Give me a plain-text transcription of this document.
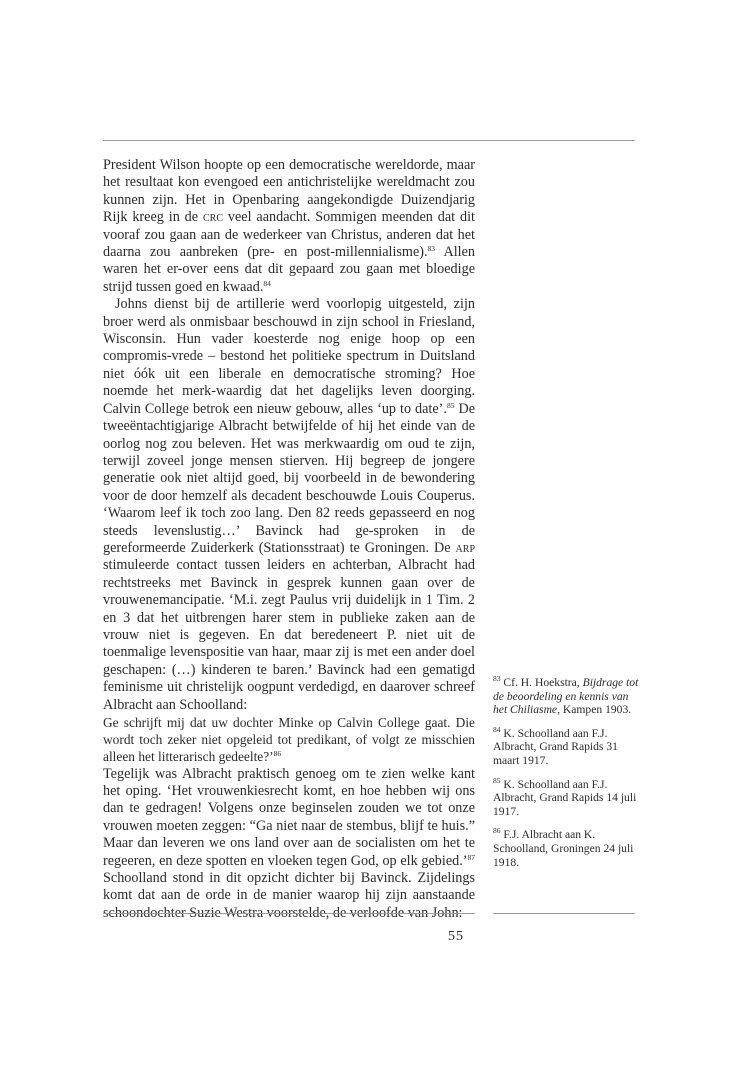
President Wilson hoopte op een democratische wereldorde, maar het resultaat kon evengoed een antichristelijke wereldmacht zou kunnen zijn. Het in Openbaring aangekondigde Duizendjarig Rijk kreeg in de crc veel aandacht. Sommigen meenden dat dit vooraf zou gaan aan de wederkeer van Christus, anderen dat het daarna zou aanbreken (pre- en post-millennialisme).$^{83}$ Allen waren het er-over eens dat dit gepaard zou gaan met bloedige strijd tussen goed en kwaad.$^{84}$

Johns dienst bij de artillerie werd voorlopig uitgesteld, zijn broer werd als onmisbaar beschouwd in zijn school in Friesland, Wisconsin. Hun vader koesterde nog enige hoop op een compromis-vrede – bestond het politieke spectrum in Duitsland niet óók uit een liberale en democratische stroming? Hoe noemde het merk-waardig dat het dagelijks leven doorging. Calvin College betrok een nieuw gebouw, alles ‘up to date’.$^{85}$ De tweeëntachtigjarige Albracht betwijfelde of hij het einde van de oorlog nog zou beleven. Het was merkwaardig om oud te zijn, terwijl zoveel jonge mensen stierven. Hij begreep de jongere generatie ook niet altijd goed, bij voorbeeld in de bewondering voor de door hemzelf als decadent beschouwde Louis Couperus. ‘Waarom leef ik toch zoo lang. Den 82 reeds gepasseerd en nog steeds levenslustig…’ Bavinck had ge-sproken in de gereformeerde Zuiderkerk (Stationsstraat) te Groningen. De arp stimuleerde contact tussen leiders en achterban, Albracht had rechtstreeks met Bavinck in gesprek kunnen gaan over de vrouwenemancipatie. ‘M.i. zegt Paulus vrij duidelijk in 1 Tim. 2 en 3 dat het uitbrengen harer stem in publieke zaken aan de vrouw niet is gegeven. En dat beredeneert P. niet uit de toenmalige levenspositie van haar, maar zij is met een ander doel geschapen: (…) kinderen te baren.’ Bavinck had een gematigd feminisme uit christelijk oogpunt verdedigd, en daarover schreef Albracht aan Schoolland:

Ge schrijft mij dat uw dochter Minke op Calvin College gaat. Die wordt toch zeker niet opgeleid tot predikant, of volgt ze misschien alleen het litterarisch gedeelte?’$^{86}$

Tegelijk was Albracht praktisch genoeg om te zien welke kant het oping. ‘Het vrouwenkiesrecht komt, en hoe hebben wij ons dan te gedragen! Volgens onze beginselen zouden we tot onze vrouwen moeten zeggen: “Ga niet naar de stembus, blijf te huis.” Maar dan leveren we ons land over aan de socialisten om het te regeeren, en deze spotten en vloeken tegen God, op elk gebied.’$^{87}$ Schoolland stond in dit opzicht dichter bij Bavinck. Zijdelings komt dat aan de orde in de manier waarop hij zijn aanstaande schoondochter Suzie Westra voorstelde, de verloofde van John:

$^{83}$ Cf. H. Hoekstra, Bijdrage tot de beoordeling en kennis van het Chiliasme, Kampen 1903.

$^{84}$ K. Schoolland aan F.J. Albracht, Grand Rapids 31 maart 1917.

$^{85}$ K. Schoolland aan F.J. Albracht, Grand Rapids 14 juli 1917.

$^{86}$ F.J. Albracht aan K. Schoolland, Groningen 24 juli 1918.

55
